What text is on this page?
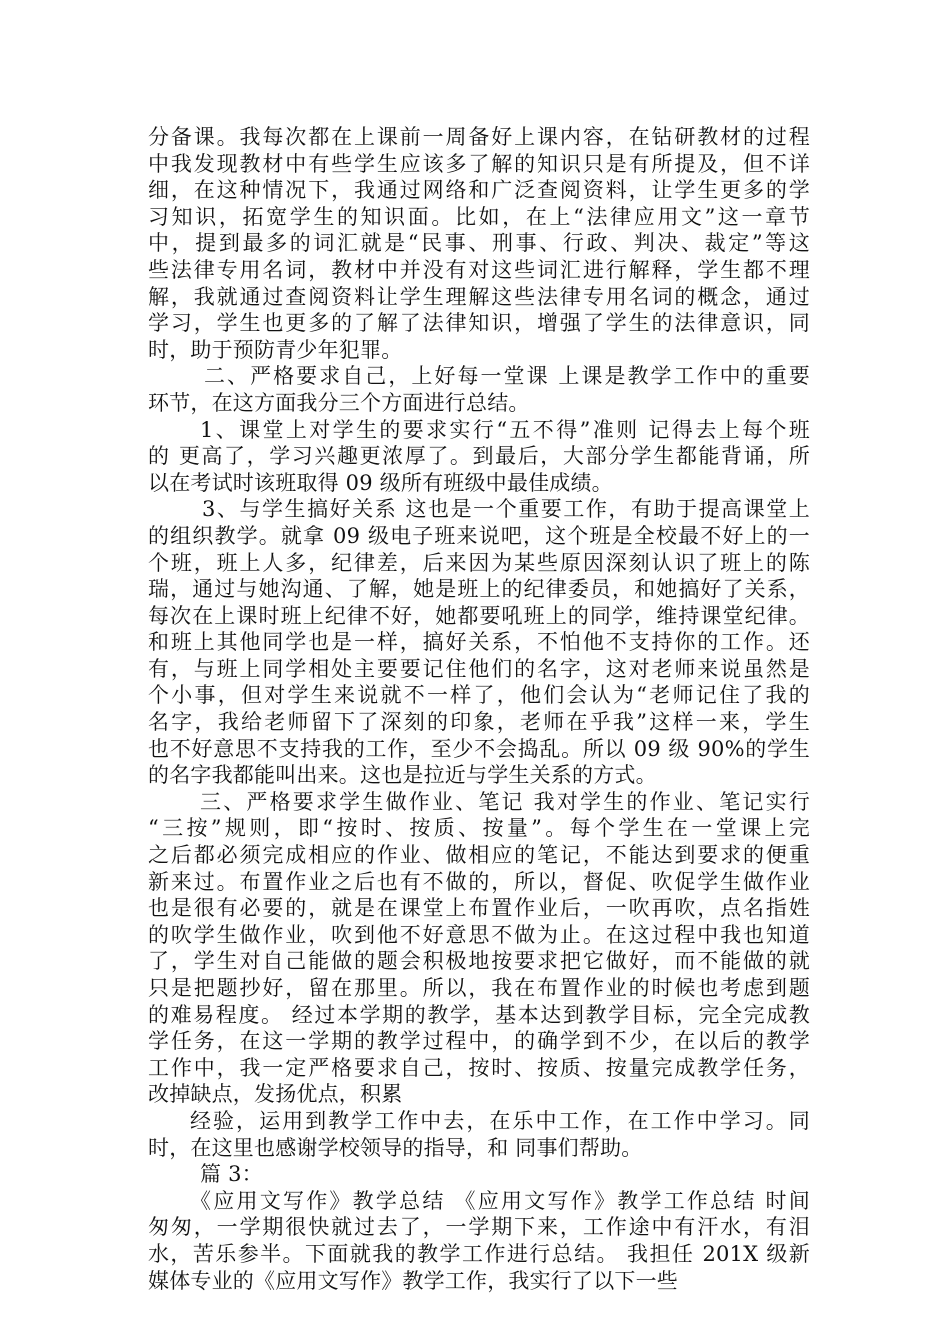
分备课。我每次都在上课前一周备好上课内容，在钻研教材的过程
中我发现教材中有些学生应该多了解的知识只是有所提及，但不详
细，在这种情况下，我通过网络和广泛查阅资料，让学生更多的学
习知识，拓宽学生的知识面。比如，在上“法律应用文”这一章节
中，提到最多的词汇就是“民事、刑事、行政、判决、裁定”等这
些法律专用名词，教材中并没有对这些词汇进行解释，学生都不理
解，我就通过查阅资料让学生理解这些法律专用名词的概念，通过
学习，学生也更多的了解了法律知识，增强了学生的法律意识，同
时，助于预防青少年犯罪。
二、严格要求自己，上好每一堂课 上课是教学工作中的重要
环节，在这方面我分三个方面进行总结。
1、课堂上对学生的要求实行“五不得”准则 记得去上每个班
的 更高了，学习兴趣更浓厚了。到最后，大部分学生都能背诵，所
以在考试时该班取得 09 级所有班级中最佳成绩。
3、与学生搞好关系 这也是一个重要工作，有助于提高课堂上
的组织教学。就拿 09 级电子班来说吧，这个班是全校最不好上的一
个班，班上人多，纪律差，后来因为某些原因深刻认识了班上的陈
瑞，通过与她沟通、了解，她是班上的纪律委员，和她搞好了关系，
每次在上课时班上纪律不好，她都要吼班上的同学，维持课堂纪律。
和班上其他同学也是一样，搞好关系，不怕他不支持你的工作。还
有，与班上同学相处主要要记住他们的名字，这对老师来说虽然是
个小事，但对学生来说就不一样了，他们会认为“老师记住了我的
名字，我给老师留下了深刻的印象，老师在乎我”这样一来，学生
也不好意思不支持我的工作，至少不会捣乱。所以 09 级 90%的学生
的名字我都能叫出来。这也是拉近与学生关系的方式。
三、严格要求学生做作业、笔记 我对学生的作业、笔记实行
“三按”规则，即“按时、按质、按量”。每个学生在一堂课上完
之后都必须完成相应的作业、做相应的笔记，不能达到要求的便重
新来过。布置作业之后也有不做的，所以，督促、吹促学生做作业
也是很有必要的，就是在课堂上布置作业后，一吹再吹，点名指姓
的吹学生做作业，吹到他不好意思不做为止。在这过程中我也知道
了，学生对自己能做的题会积极地按要求把它做好，而不能做的就
只是把题抄好，留在那里。所以，我在布置作业的时候也考虑到题
的难易程度。 经过本学期的教学，基本达到教学目标，完全完成教
学任务，在这一学期的教学过程中，的确学到不少，在以后的教学
工作中，我一定严格要求自己，按时、按质、按量完成教学任务，
改掉缺点，发扬优点，积累
经验，运用到教学工作中去，在乐中工作，在工作中学习。同
时，在这里也感谢学校领导的指导，和 同事们帮助。
篇 3：
《应用文写作》教学总结 《应用文写作》教学工作总结 时间
匆匆，一学期很快就过去了，一学期下来，工作途中有汗水，有泪
水，苦乐参半。下面就我的教学工作进行总结。 我担任 201X 级新
媒体专业的《应用文写作》教学工作，我实行了以下一些
